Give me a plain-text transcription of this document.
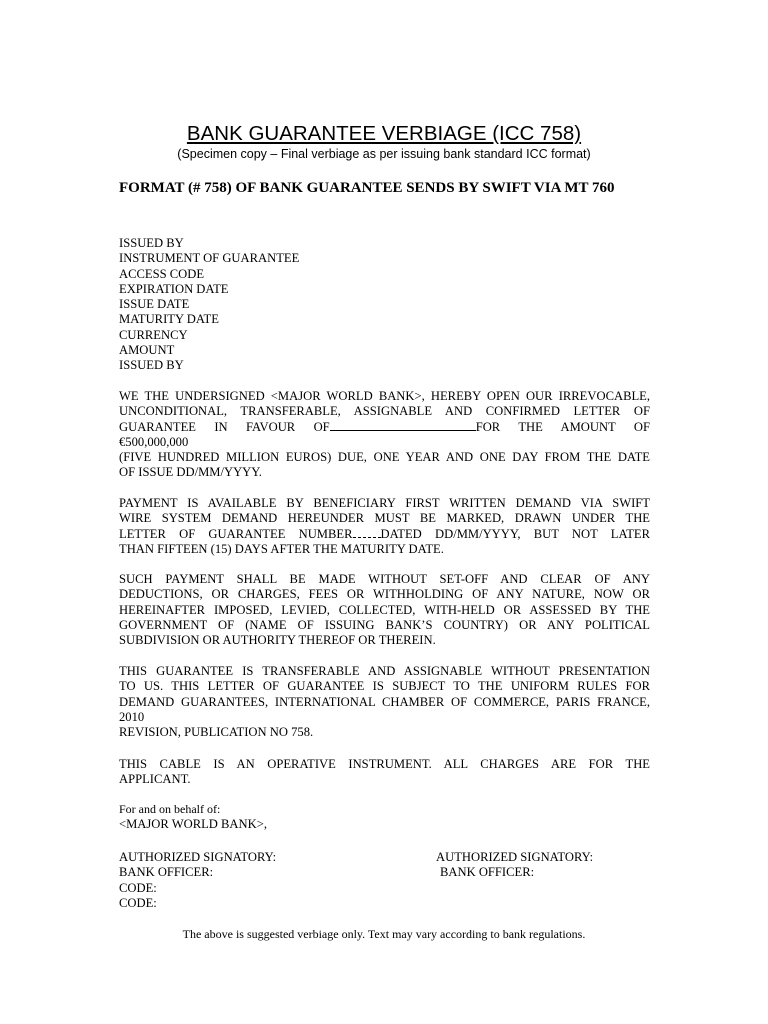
BANK GUARANTEE VERBIAGE (ICC 758)
(Specimen copy – Final verbiage as per issuing bank standard ICC format)
FORMAT (# 758) OF BANK GUARANTEE SENDS BY SWIFT VIA MT 760
ISSUED BY
INSTRUMENT OF GUARANTEE
ACCESS CODE
EXPIRATION DATE
ISSUE DATE
MATURITY DATE
CURRENCY
AMOUNT
ISSUED BY
WE THE UNDERSIGNED <MAJOR WORLD BANK>, HEREBY OPEN OUR IRREVOCABLE,
UNCONDITIONAL, TRANSFERABLE, ASSIGNABLE AND CONFIRMED LETTER OF
GUARANTEE IN FAVOUR OF	FOR THE AMOUNT OF
€500,000,000
(FIVE HUNDRED MILLION EUROS) DUE, ONE YEAR AND ONE DAY FROM THE DATE
OF ISSUE DD/MM/YYYY.
PAYMENT IS AVAILABLE BY BENEFICIARY FIRST WRITTEN DEMAND VIA SWIFT
WIRE SYSTEM DEMAND HEREUNDER MUST BE MARKED, DRAWN UNDER THE
LETTER OF GUARANTEE NUMBER DATED DD/MM/YYYY, BUT NOT LATER
THAN FIFTEEN (15) DAYS AFTER THE MATURITY DATE.
SUCH PAYMENT SHALL BE MADE WITHOUT SET-OFF AND CLEAR OF ANY
DEDUCTIONS, OR CHARGES, FEES OR WITHHOLDING OF ANY NATURE, NOW OR
HEREINAFTER IMPOSED, LEVIED, COLLECTED, WITH-HELD OR ASSESSED BY THE
GOVERNMENT OF (NAME OF ISSUING BANK’S COUNTRY) OR ANY POLITICAL
SUBDIVISION OR AUTHORITY THEREOF OR THEREIN.
THIS GUARANTEE IS TRANSFERABLE AND ASSIGNABLE WITHOUT PRESENTATION
TO US. THIS LETTER OF GUARANTEE IS SUBJECT TO THE UNIFORM RULES FOR
DEMAND GUARANTEES, INTERNATIONAL CHAMBER OF COMMERCE, PARIS FRANCE,
2010
REVISION, PUBLICATION NO 758.
THIS CABLE IS AN OPERATIVE INSTRUMENT. ALL CHARGES ARE FOR THE
APPLICANT.
For and on behalf of:
<MAJOR WORLD BANK>,
AUTHORIZED SIGNATORY:
BANK OFFICER:
CODE:
CODE:
AUTHORIZED SIGNATORY:
BANK OFFICER:
The above is suggested verbiage only. Text may vary according to bank regulations.
